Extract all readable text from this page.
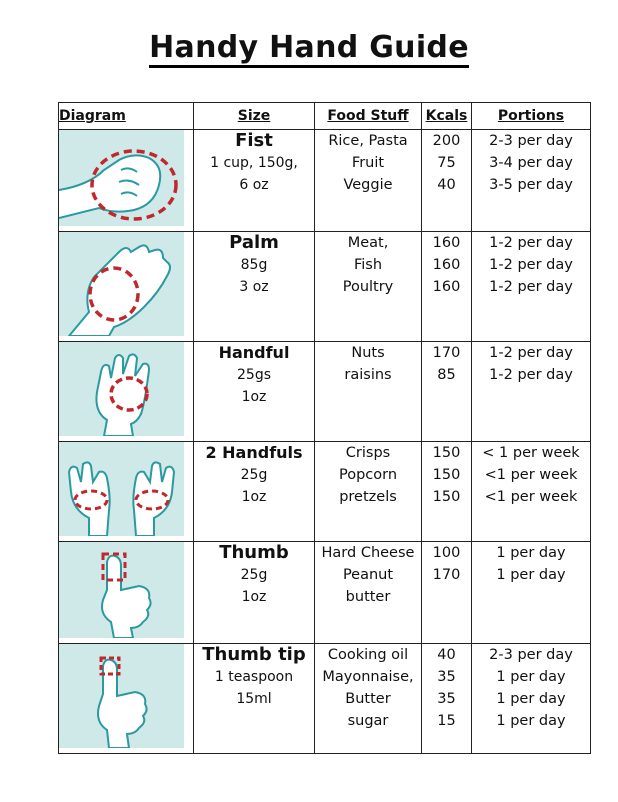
Handy Hand Guide
Diagram	Size	Food Stuff	Kcals	Portions

Fist
1 cup, 150g,
6 oz	Rice, Pasta
Fruit
Veggie	200
75
40	2-3 per day
3-4 per day
3-5 per day

Palm
85g
3 oz	Meat,
Fish
Poultry	160
160
160	1-2 per day
1-2 per day
1-2 per day

Handful
25gs
1oz	Nuts
raisins	170
85	1-2 per day
1-2 per day

2 Handfuls
25g
1oz	Crisps
Popcorn
pretzels	150
150
150	< 1 per week
<1 per week
<1 per week

Thumb
25g
1oz	Hard Cheese
Peanut
butter	100
170	1 per day
1 per day

Thumb tip
1 teaspoon
15ml	Cooking oil
Mayonnaise,
Butter
sugar	40
35
35
15	2-3 per day
1 per day
1 per day
1 per day
